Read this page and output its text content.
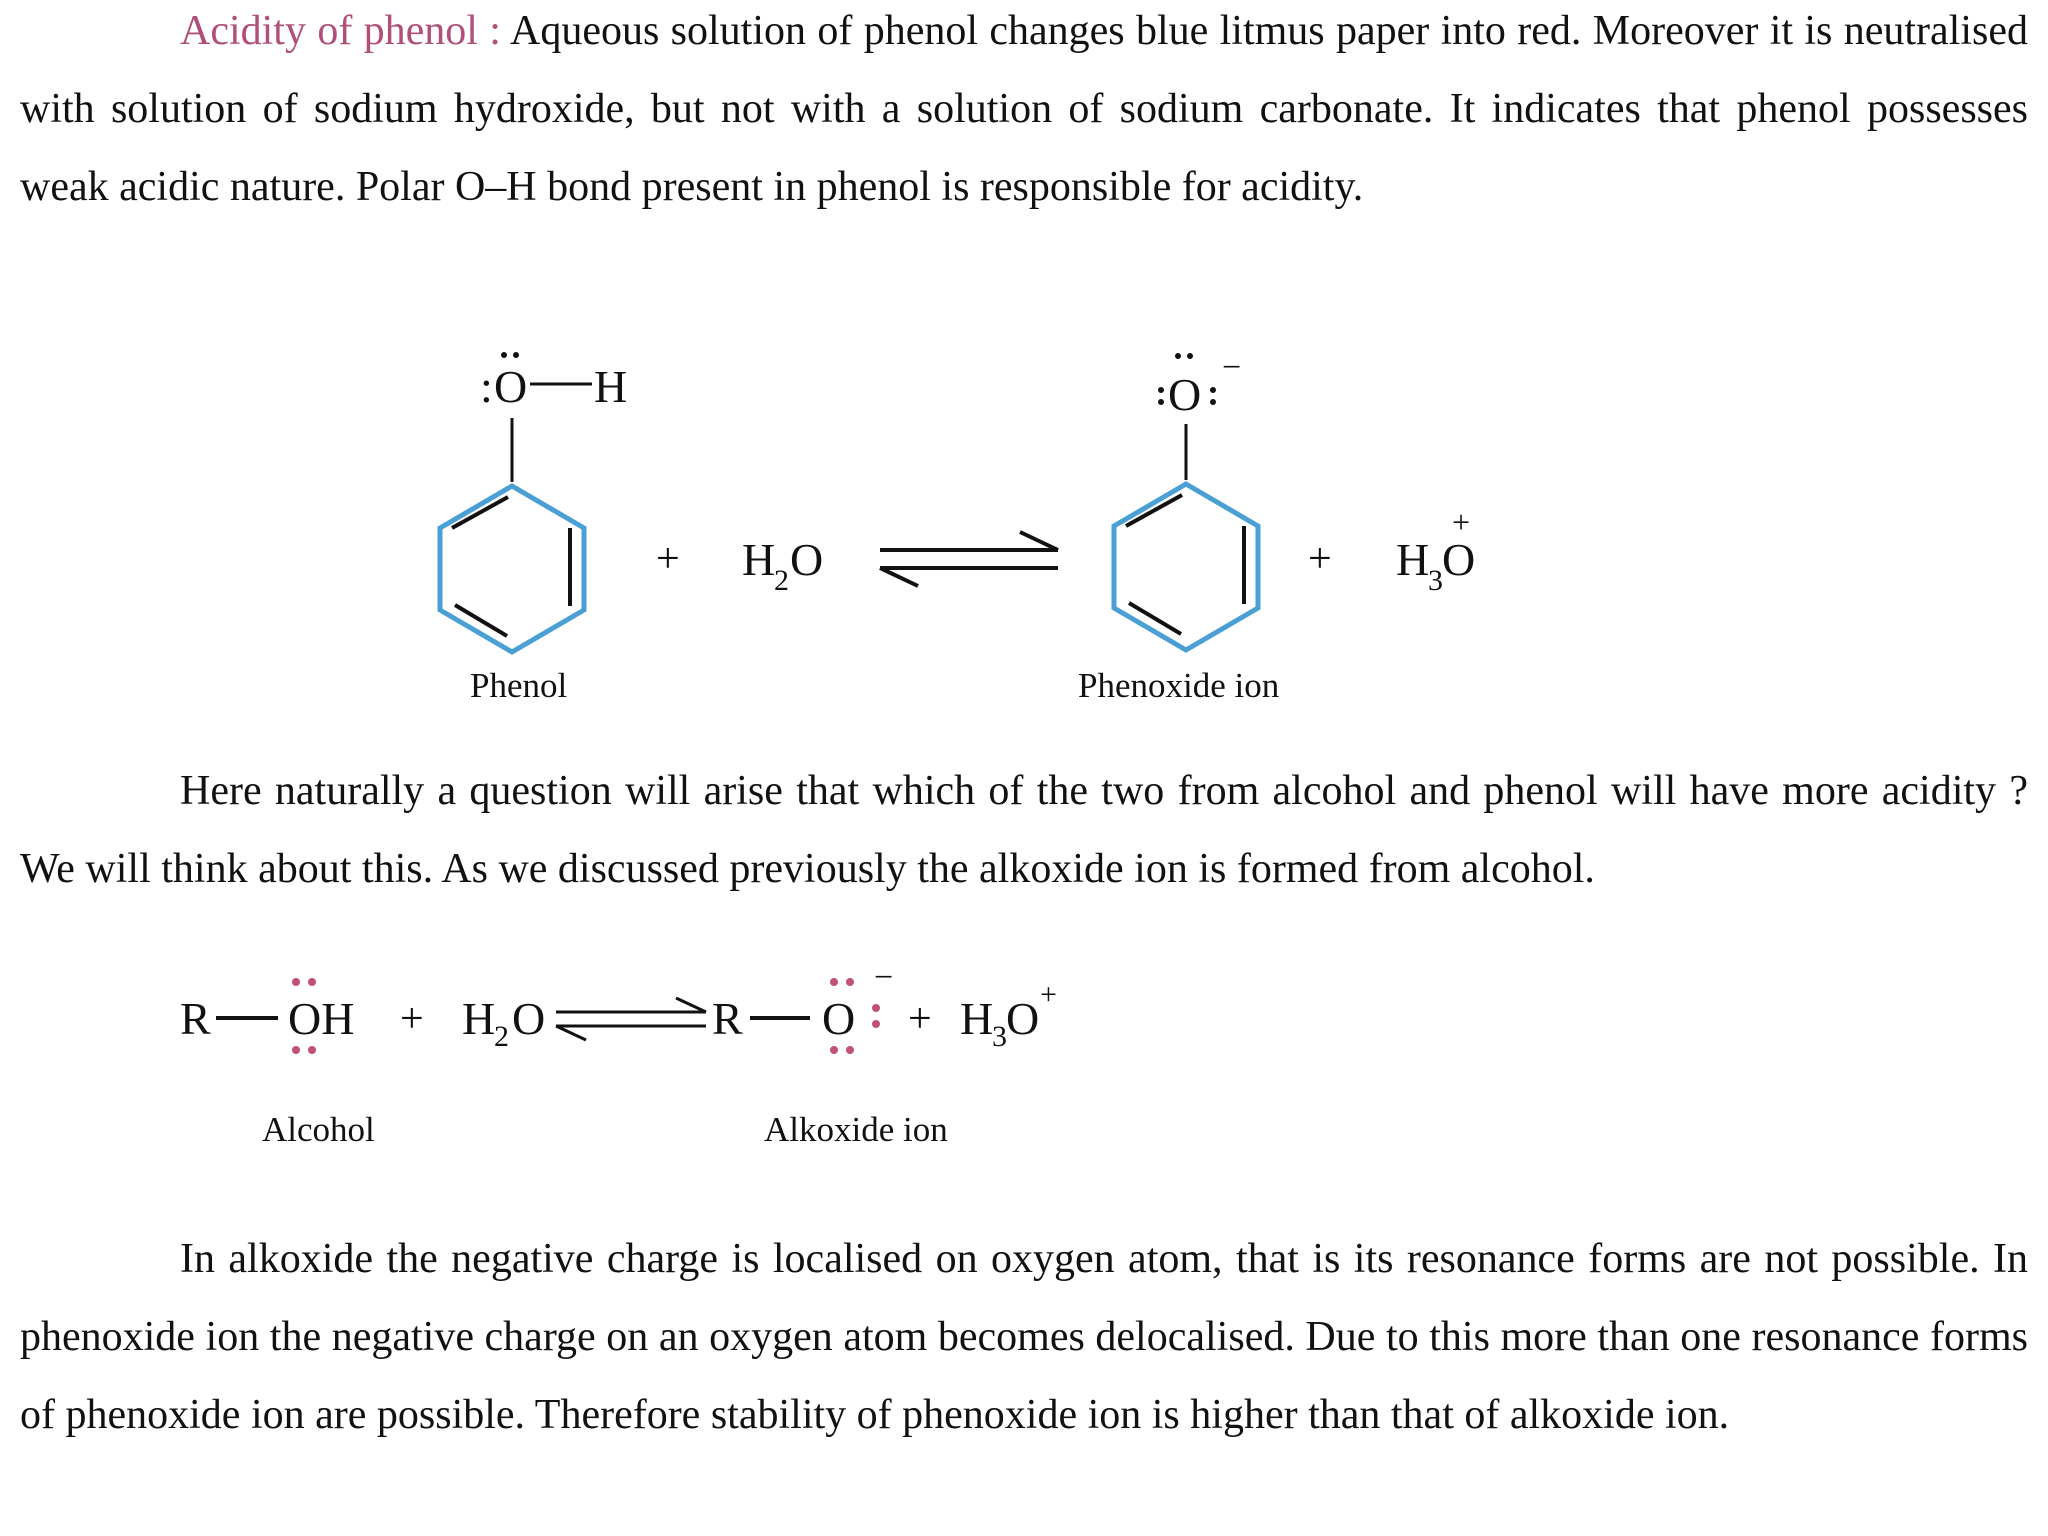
Acidity of phenol : Aqueous solution of phenol changes blue litmus paper into red. Moreover it is neutralised with solution of sodium hydroxide, but not with a solution of sodium carbonate. It indicates that phenol possesses weak acidic nature. Polar O–H bond present in phenol is responsible for acidity.

: O H
+ H
2 O
O
−
+ H
3 O
+
Phenol	Phenoxide ion

Here naturally a question will arise that which of the two from alcohol and phenol will have more acidity ? We will think about this. As we discussed previously the alkoxide ion is formed from alcohol.

R OH + H
2 O	R O
−
+ H
3 O +
Alcohol	Alkoxide ion

In alkoxide the negative charge is localised on oxygen atom, that is its resonance forms are not possible. In phenoxide ion the negative charge on an oxygen atom becomes delocalised. Due to this more than one resonance forms of phenoxide ion are possible. Therefore stability of phenoxide ion is higher than that of alkoxide ion.
